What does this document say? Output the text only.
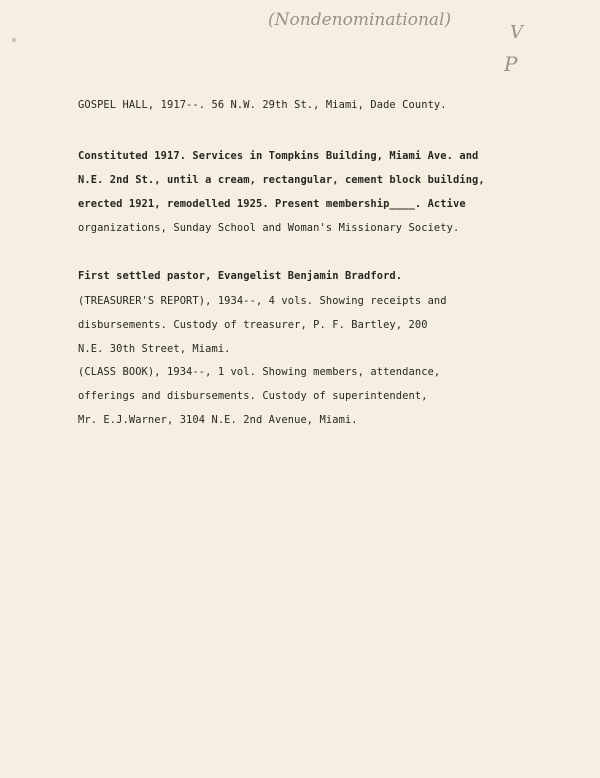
(Nondenominational)
V
P
GOSPEL HALL, 1917--. 56 N.W. 29th St., Miami, Dade County.
Constituted 1917. Services in Tompkins Building, Miami Ave. and
N.E. 2nd St., until a cream, rectangular, cement block building,
erected 1921, remodelled 1925. Present membership____. Active
organizations, Sunday School and Woman's Missionary Society.
First settled pastor, Evangelist Benjamin Bradford.
(TREASURER'S REPORT), 1934--, 4 vols. Showing receipts and
disbursements. Custody of treasurer, P. F. Bartley, 200
N.E. 30th Street, Miami.
(CLASS BOOK), 1934--, 1 vol. Showing members, attendance,
offerings and disbursements. Custody of superintendent,
Mr. E.J.Warner, 3104 N.E. 2nd Avenue, Miami.
